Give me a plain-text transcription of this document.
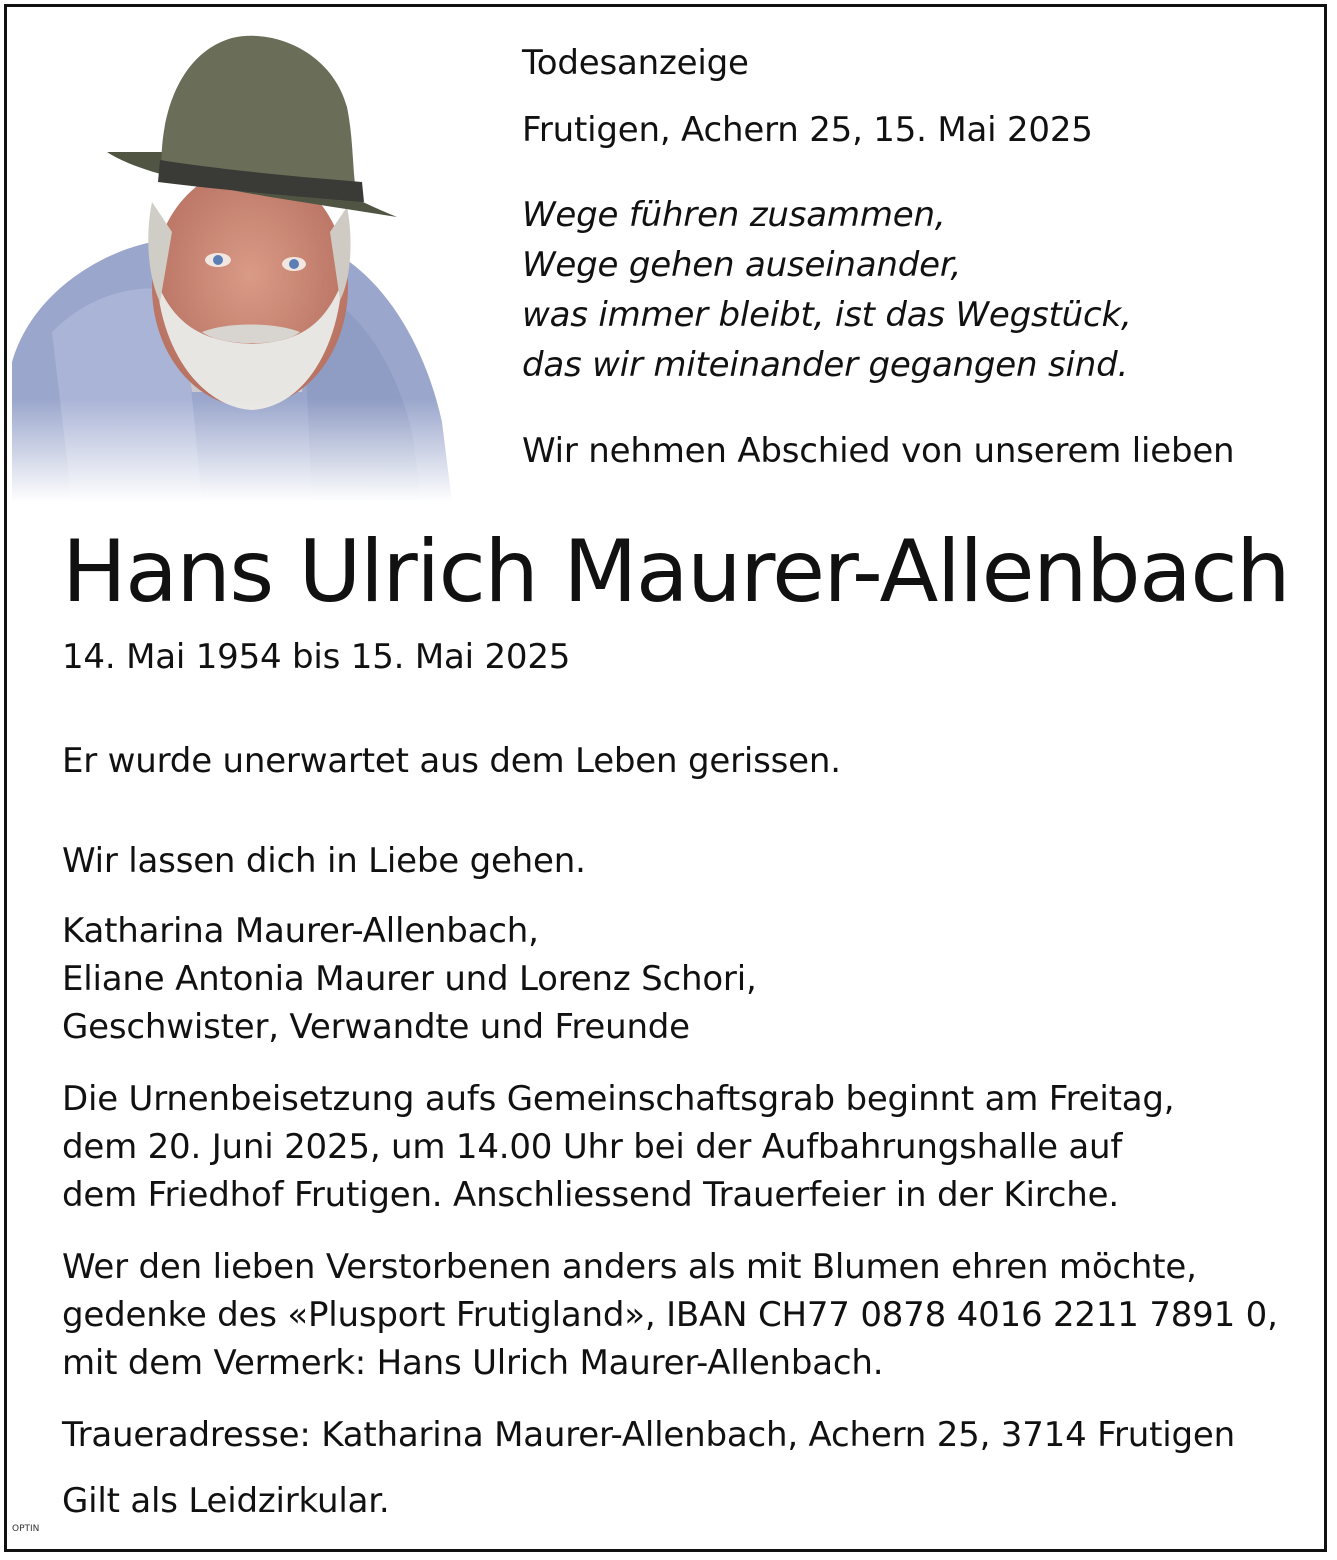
Todesanzeige

Frutigen, Achern 25, 15. Mai 2025

Wege führen zusammen,

Wege gehen auseinander,

was immer bleibt, ist das Wegstück,

das wir miteinander gegangen sind.

Wir nehmen Abschied von unserem lieben

Hans Ulrich Maurer-Allenbach

14. Mai 1954 bis 15. Mai 2025

Er wurde unerwartet aus dem Leben gerissen.

Wir lassen dich in Liebe gehen.

Katharina Maurer-Allenbach,

Eliane Antonia Maurer und Lorenz Schori,

Geschwister, Verwandte und Freunde

Die Urnenbeisetzung aufs Gemeinschaftsgrab beginnt am Freitag,

dem 20. Juni 2025, um 14.00 Uhr bei der Aufbahrungshalle auf

dem Friedhof Frutigen. Anschliessend Trauerfeier in der Kirche.

Wer den lieben Verstorbenen anders als mit Blumen ehren möchte,

gedenke des «Plusport Frutigland», IBAN CH77 0878 4016 2211 7891 0,

mit dem Vermerk: Hans Ulrich Maurer-Allenbach.

Traueradresse: Katharina Maurer-Allenbach, Achern 25, 3714 Frutigen

Gilt als Leidzirkular.

OPTIN
